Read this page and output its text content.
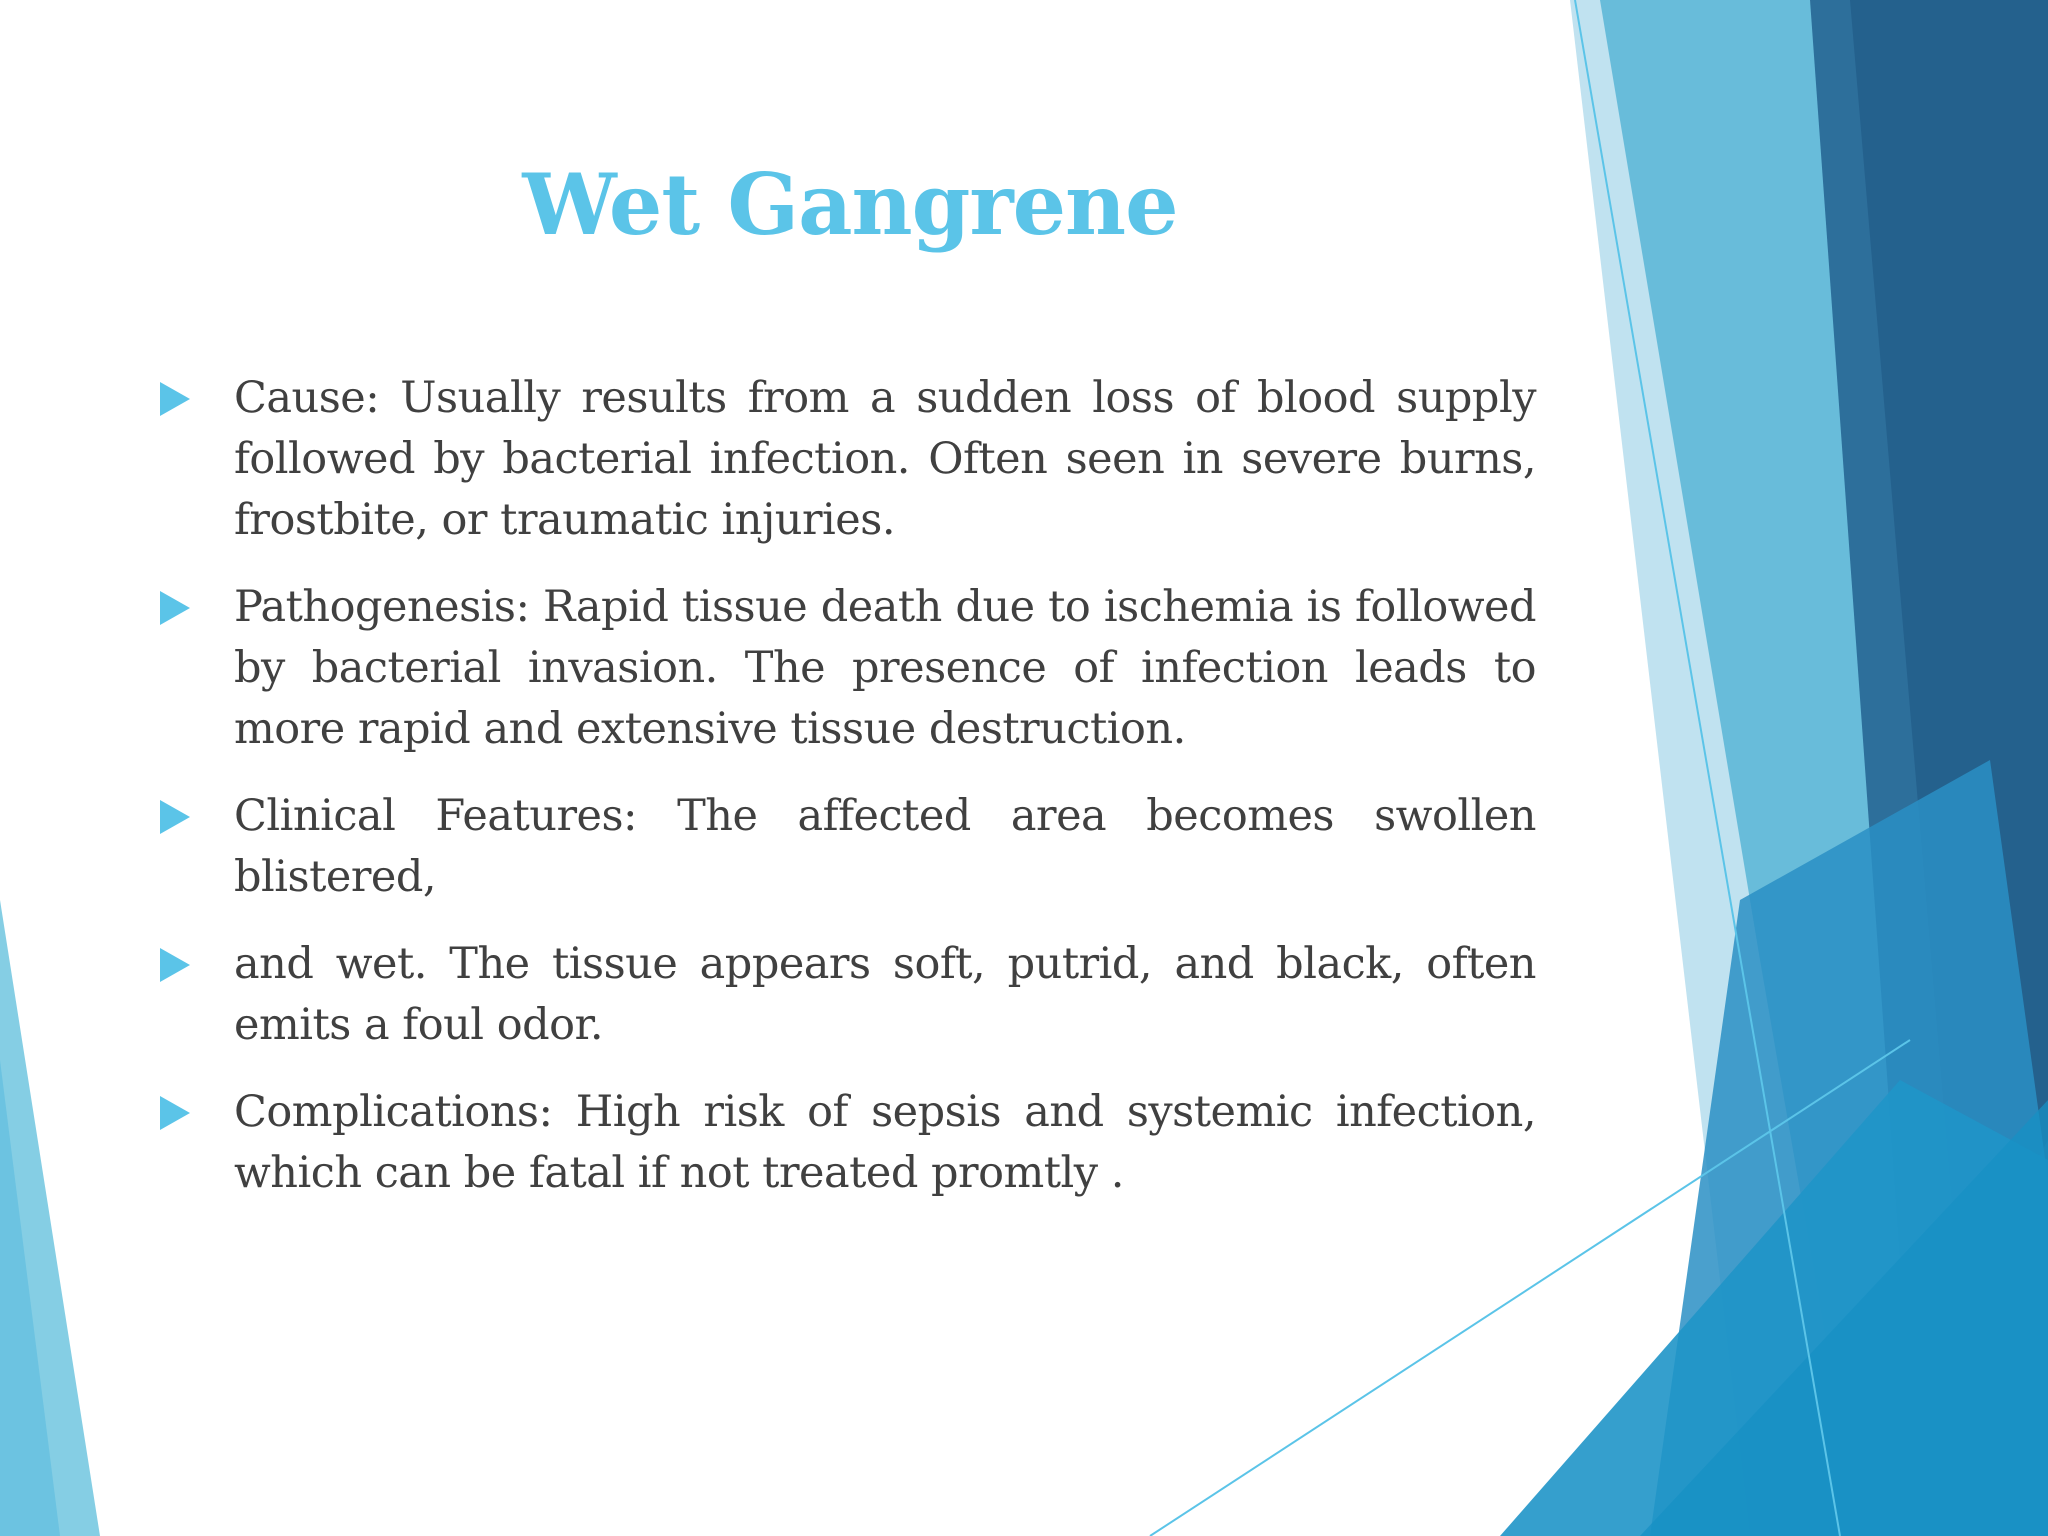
Wet Gangrene
Cause: Usually results from a sudden loss of blood supply followed by bacterial infection. Often seen in severe burns, frostbite, or traumatic injuries.
Pathogenesis: Rapid tissue death due to ischemia is followed by bacterial invasion. The presence of infection leads to more rapid and extensive tissue destruction.
Clinical Features: The affected area becomes swollen blistered,
and wet. The tissue appears soft, putrid, and black, often emits a foul odor.
Complications: High risk of sepsis and systemic infection, which can be fatal if not treated promtly .
